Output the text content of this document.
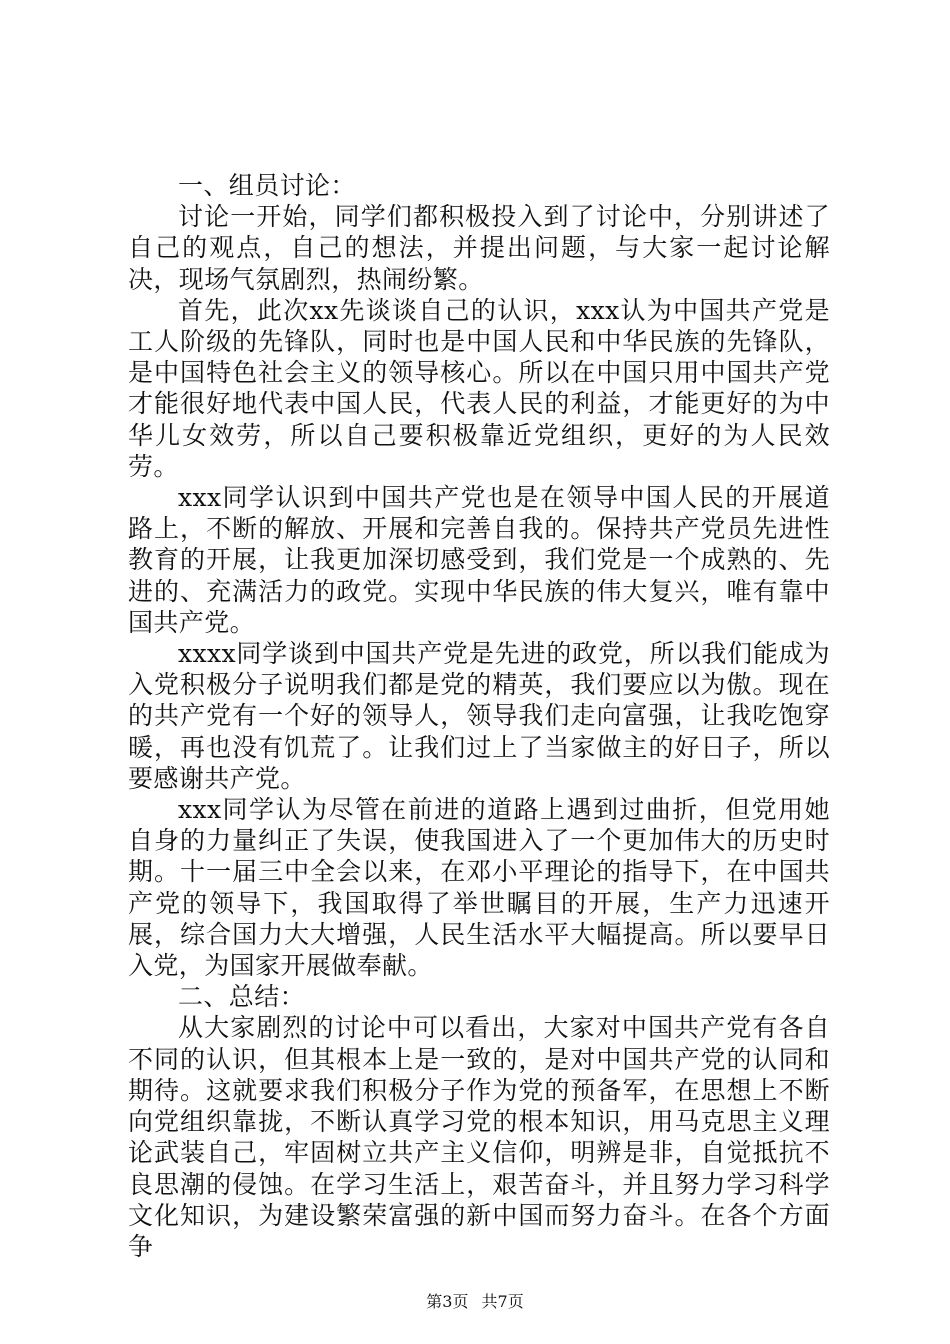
一、组员讨论：

讨论一开始，同学们都积极投入到了讨论中，分别讲述了自己的观点，自己的想法，并提出问题，与大家一起讨论解决，现场气氛剧烈，热闹纷繁。

首先，此次xx先谈谈自己的认识，xxx认为中国共产党是工人阶级的先锋队，同时也是中国人民和中华民族的先锋队，是中国特色社会主义的领导核心。所以在中国只用中国共产党才能很好地代表中国人民，代表人民的利益，才能更好的为中华儿女效劳，所以自己要积极靠近党组织，更好的为人民效劳。

xxx同学认识到中国共产党也是在领导中国人民的开展道路上，不断的解放、开展和完善自我的。保持共产党员先进性教育的开展，让我更加深切感受到，我们党是一个成熟的、先进的、充满活力的政党。实现中华民族的伟大复兴，唯有靠中国共产党。

xxxx同学谈到中国共产党是先进的政党，所以我们能成为入党积极分子说明我们都是党的精英，我们要应以为傲。现在的共产党有一个好的领导人，领导我们走向富强，让我吃饱穿暖，再也没有饥荒了。让我们过上了当家做主的好日子，所以要感谢共产党。

xxx同学认为尽管在前进的道路上遇到过曲折，但党用她自身的力量纠正了失误，使我国进入了一个更加伟大的历史时期。十一届三中全会以来，在邓小平理论的指导下，在中国共产党的领导下，我国取得了举世瞩目的开展，生产力迅速开展，综合国力大大增强，人民生活水平大幅提高。所以要早日入党，为国家开展做奉献。

二、总结：

从大家剧烈的讨论中可以看出，大家对中国共产党有各自不同的认识，但其根本上是一致的，是对中国共产党的认同和期待。这就要求我们积极分子作为党的预备军，在思想上不断向党组织靠拢，不断认真学习党的根本知识，用马克思主义理论武装自己，牢固树立共产主义信仰，明辨是非，自觉抵抗不良思潮的侵蚀。在学习生活上，艰苦奋斗，并且努力学习科学文化知识，为建设繁荣富强的新中国而努力奋斗。在各个方面争

第3页 共7页
